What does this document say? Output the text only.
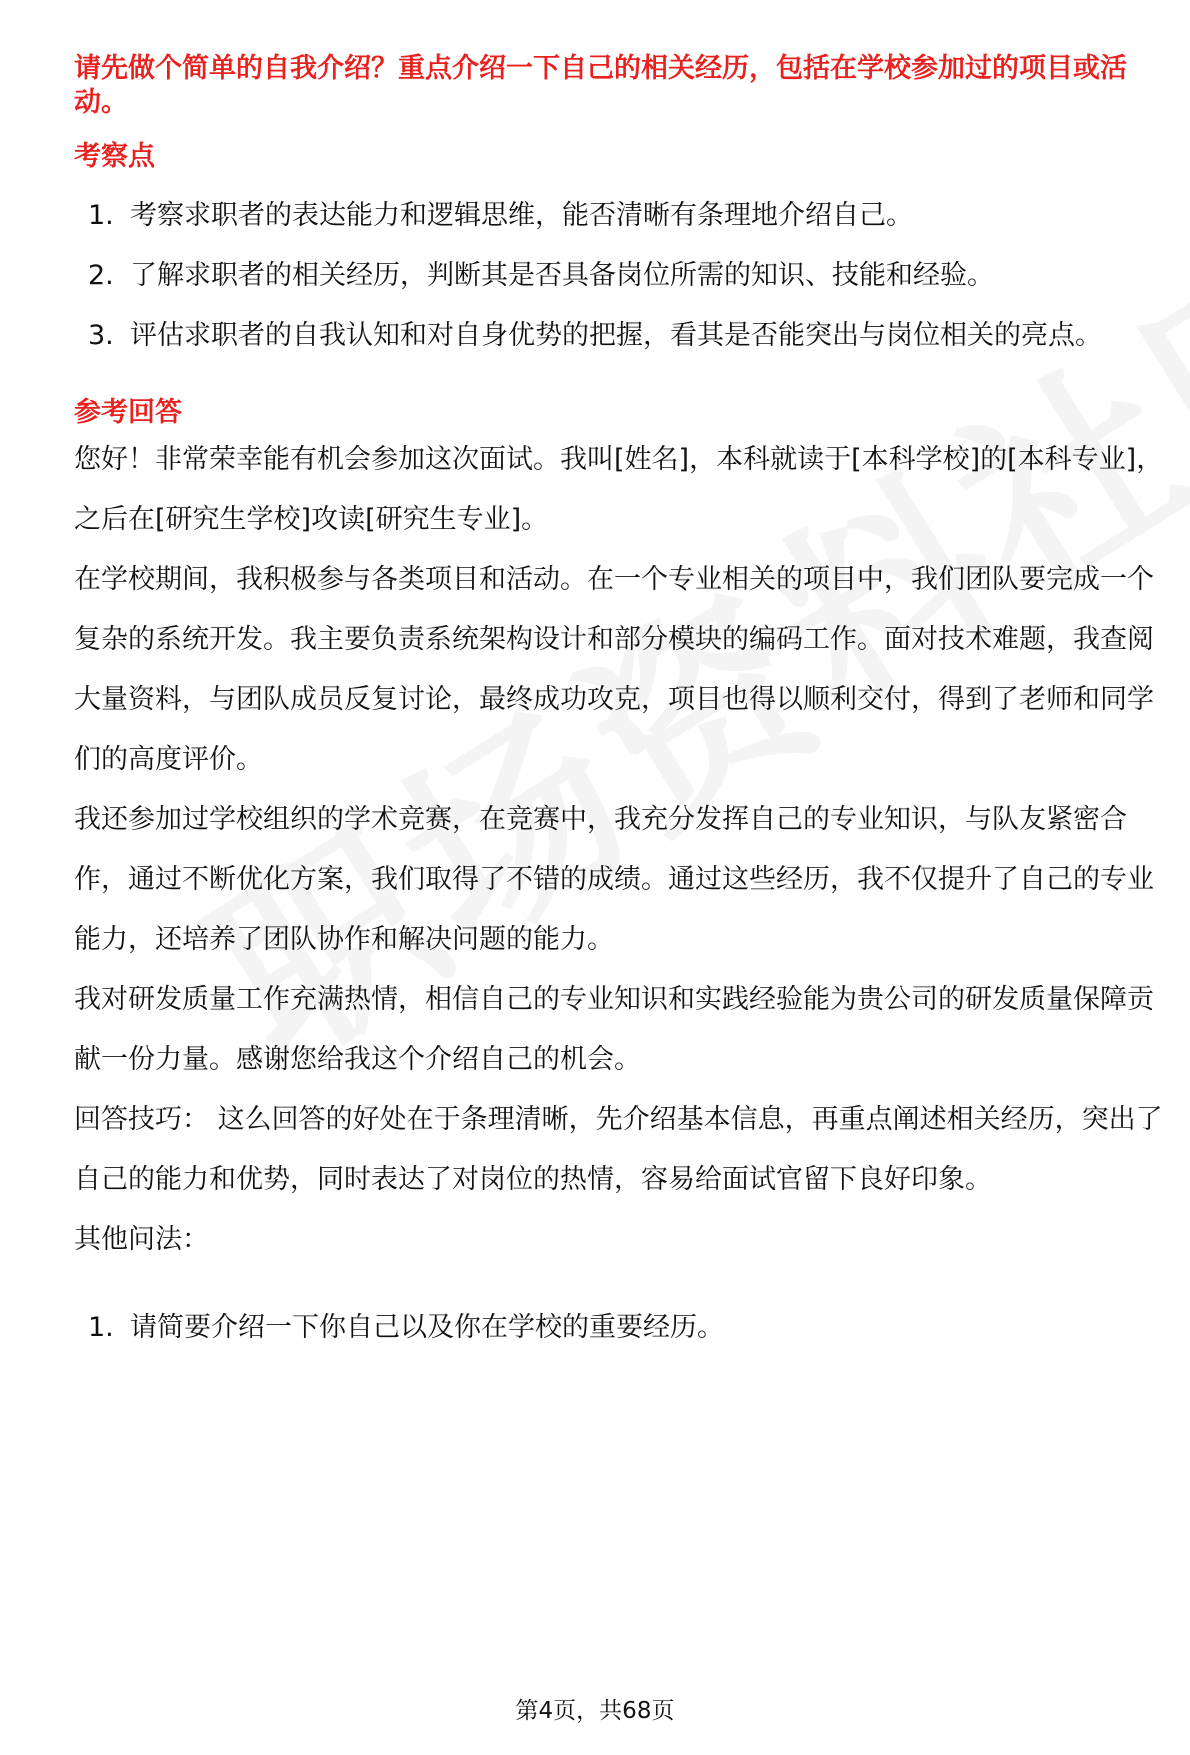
请先做个简单的自我介绍？重点介绍一下自己的相关经历，包括在学校参加过的项目或活动。
考察点
1. 考察求职者的表达能力和逻辑思维，能否清晰有条理地介绍自己。
2. 了解求职者的相关经历，判断其是否具备岗位所需的知识、技能和经验。
3. 评估求职者的自我认知和对自身优势的把握，看其是否能突出与岗位相关的亮点。
参考回答

您好！非常荣幸能有机会参加这次面试。我叫[姓名]，本科就读于[本科学校]的[本科专业]，之后在[研究生学校]攻读[研究生专业]。

在学校期间，我积极参与各类项目和活动。在一个专业相关的项目中，我们团队要完成一个复杂的系统开发。我主要负责系统架构设计和部分模块的编码工作。面对技术难题，我查阅大量资料，与团队成员反复讨论，最终成功攻克，项目也得以顺利交付，得到了老师和同学们的高度评价。

我还参加过学校组织的学术竞赛，在竞赛中，我充分发挥自己的专业知识，与队友紧密合作，通过不断优化方案，我们取得了不错的成绩。通过这些经历，我不仅提升了自己的专业能力，还培养了团队协作和解决问题的能力。

我对研发质量工作充满热情，相信自己的专业知识和实践经验能为贵公司的研发质量保障贡献一份力量。感谢您给我这个介绍自己的机会。

回答技巧： 这么回答的好处在于条理清晰，先介绍基本信息，再重点阐述相关经历，突出了自己的能力和优势，同时表达了对岗位的热情，容易给面试官留下良好印象。

其他问法：

1. 请简要介绍一下你自己以及你在学校的重要经历。
第4页，共68页
